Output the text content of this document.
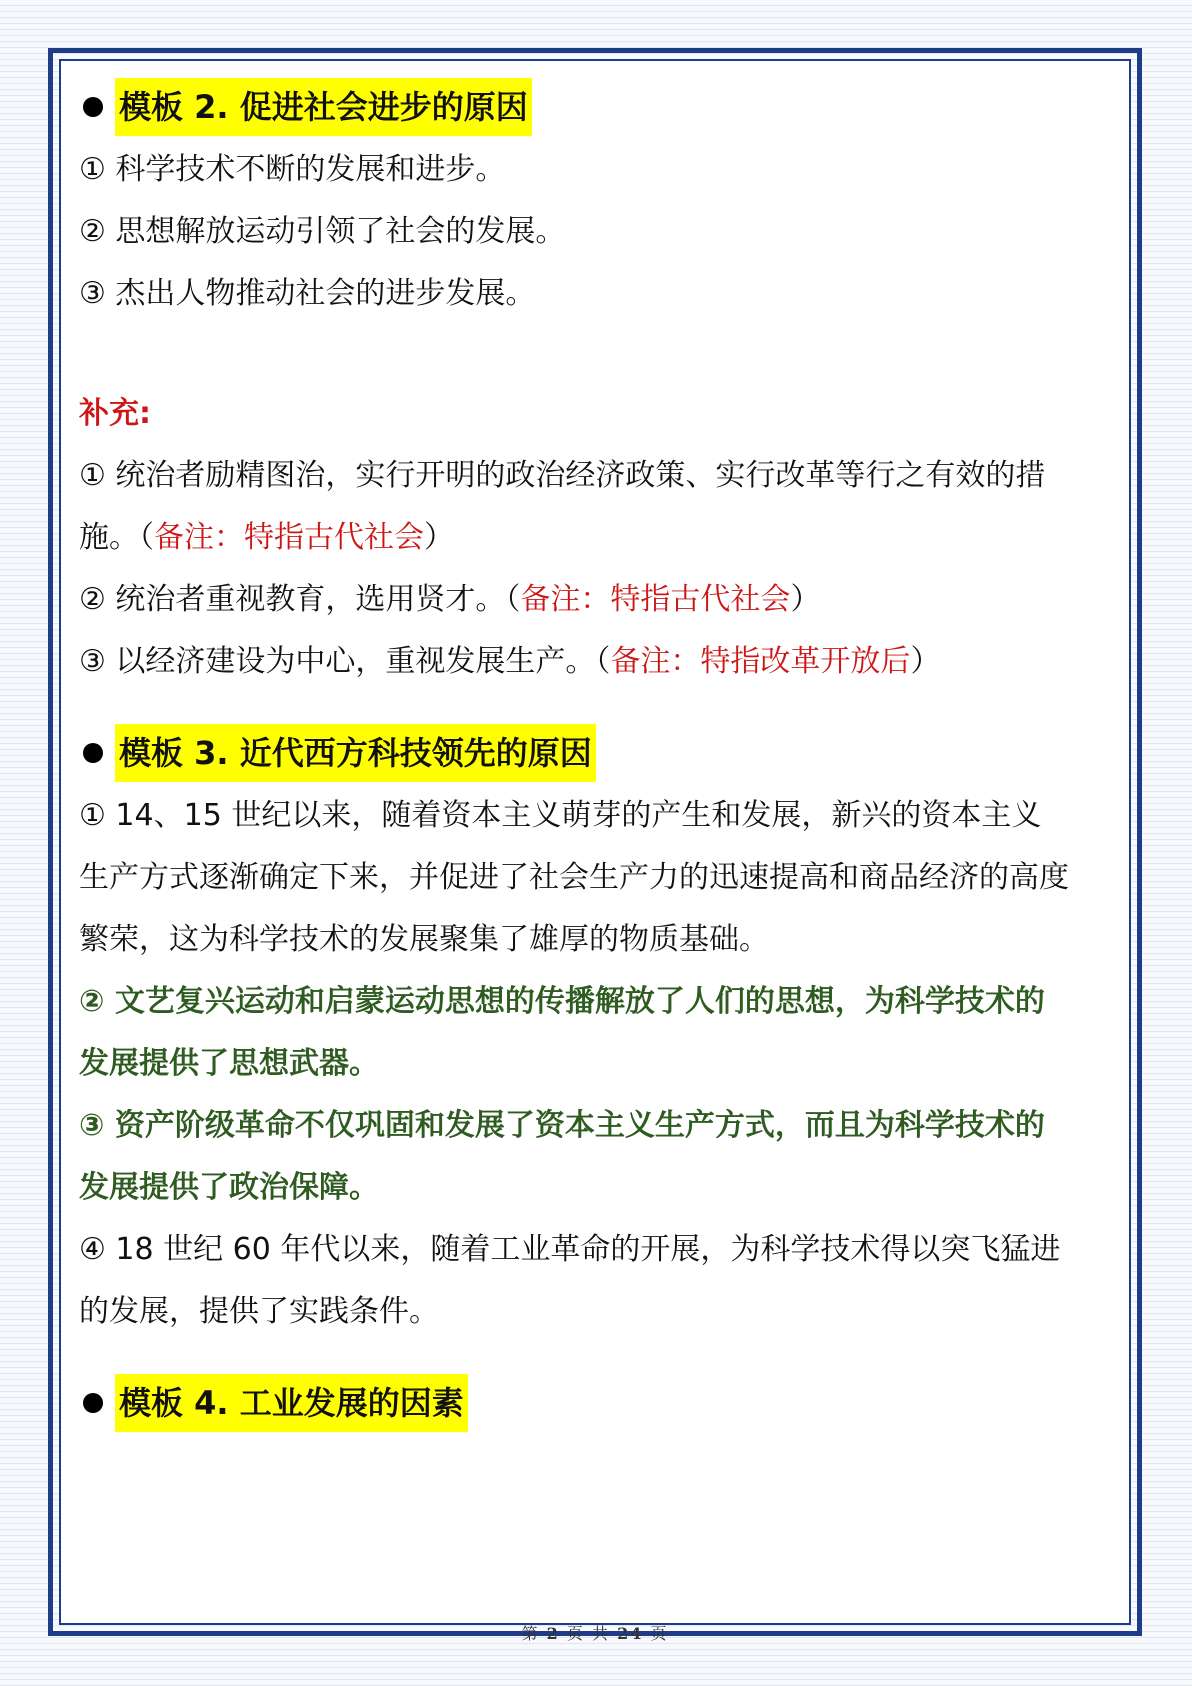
模板 2. 促进社会进步的原因
① 科学技术不断的发展和进步。
② 思想解放运动引领了社会的发展。
③ 杰出人物推动社会的进步发展。
补充:
① 统治者励精图治，实行开明的政治经济政策、实行改革等行之有效的措
施。（备注：特指古代社会）
② 统治者重视教育，选用贤才。（备注：特指古代社会）
③ 以经济建设为中心，重视发展生产。（备注：特指改革开放后）
模板 3. 近代西方科技领先的原因
① 14、15 世纪以来，随着资本主义萌芽的产生和发展，新兴的资本主义
生产方式逐渐确定下来，并促进了社会生产力的迅速提高和商品经济的高度
繁荣，这为科学技术的发展聚集了雄厚的物质基础。
② 文艺复兴运动和启蒙运动思想的传播解放了人们的思想，为科学技术的
发展提供了思想武器。
③ 资产阶级革命不仅巩固和发展了资本主义生产方式，而且为科学技术的
发展提供了政治保障。
④ 18 世纪 60 年代以来，随着工业革命的开展，为科学技术得以突飞猛进
的发展，提供了实践条件。
模板 4. 工业发展的因素
第 2 页 共 24 页
